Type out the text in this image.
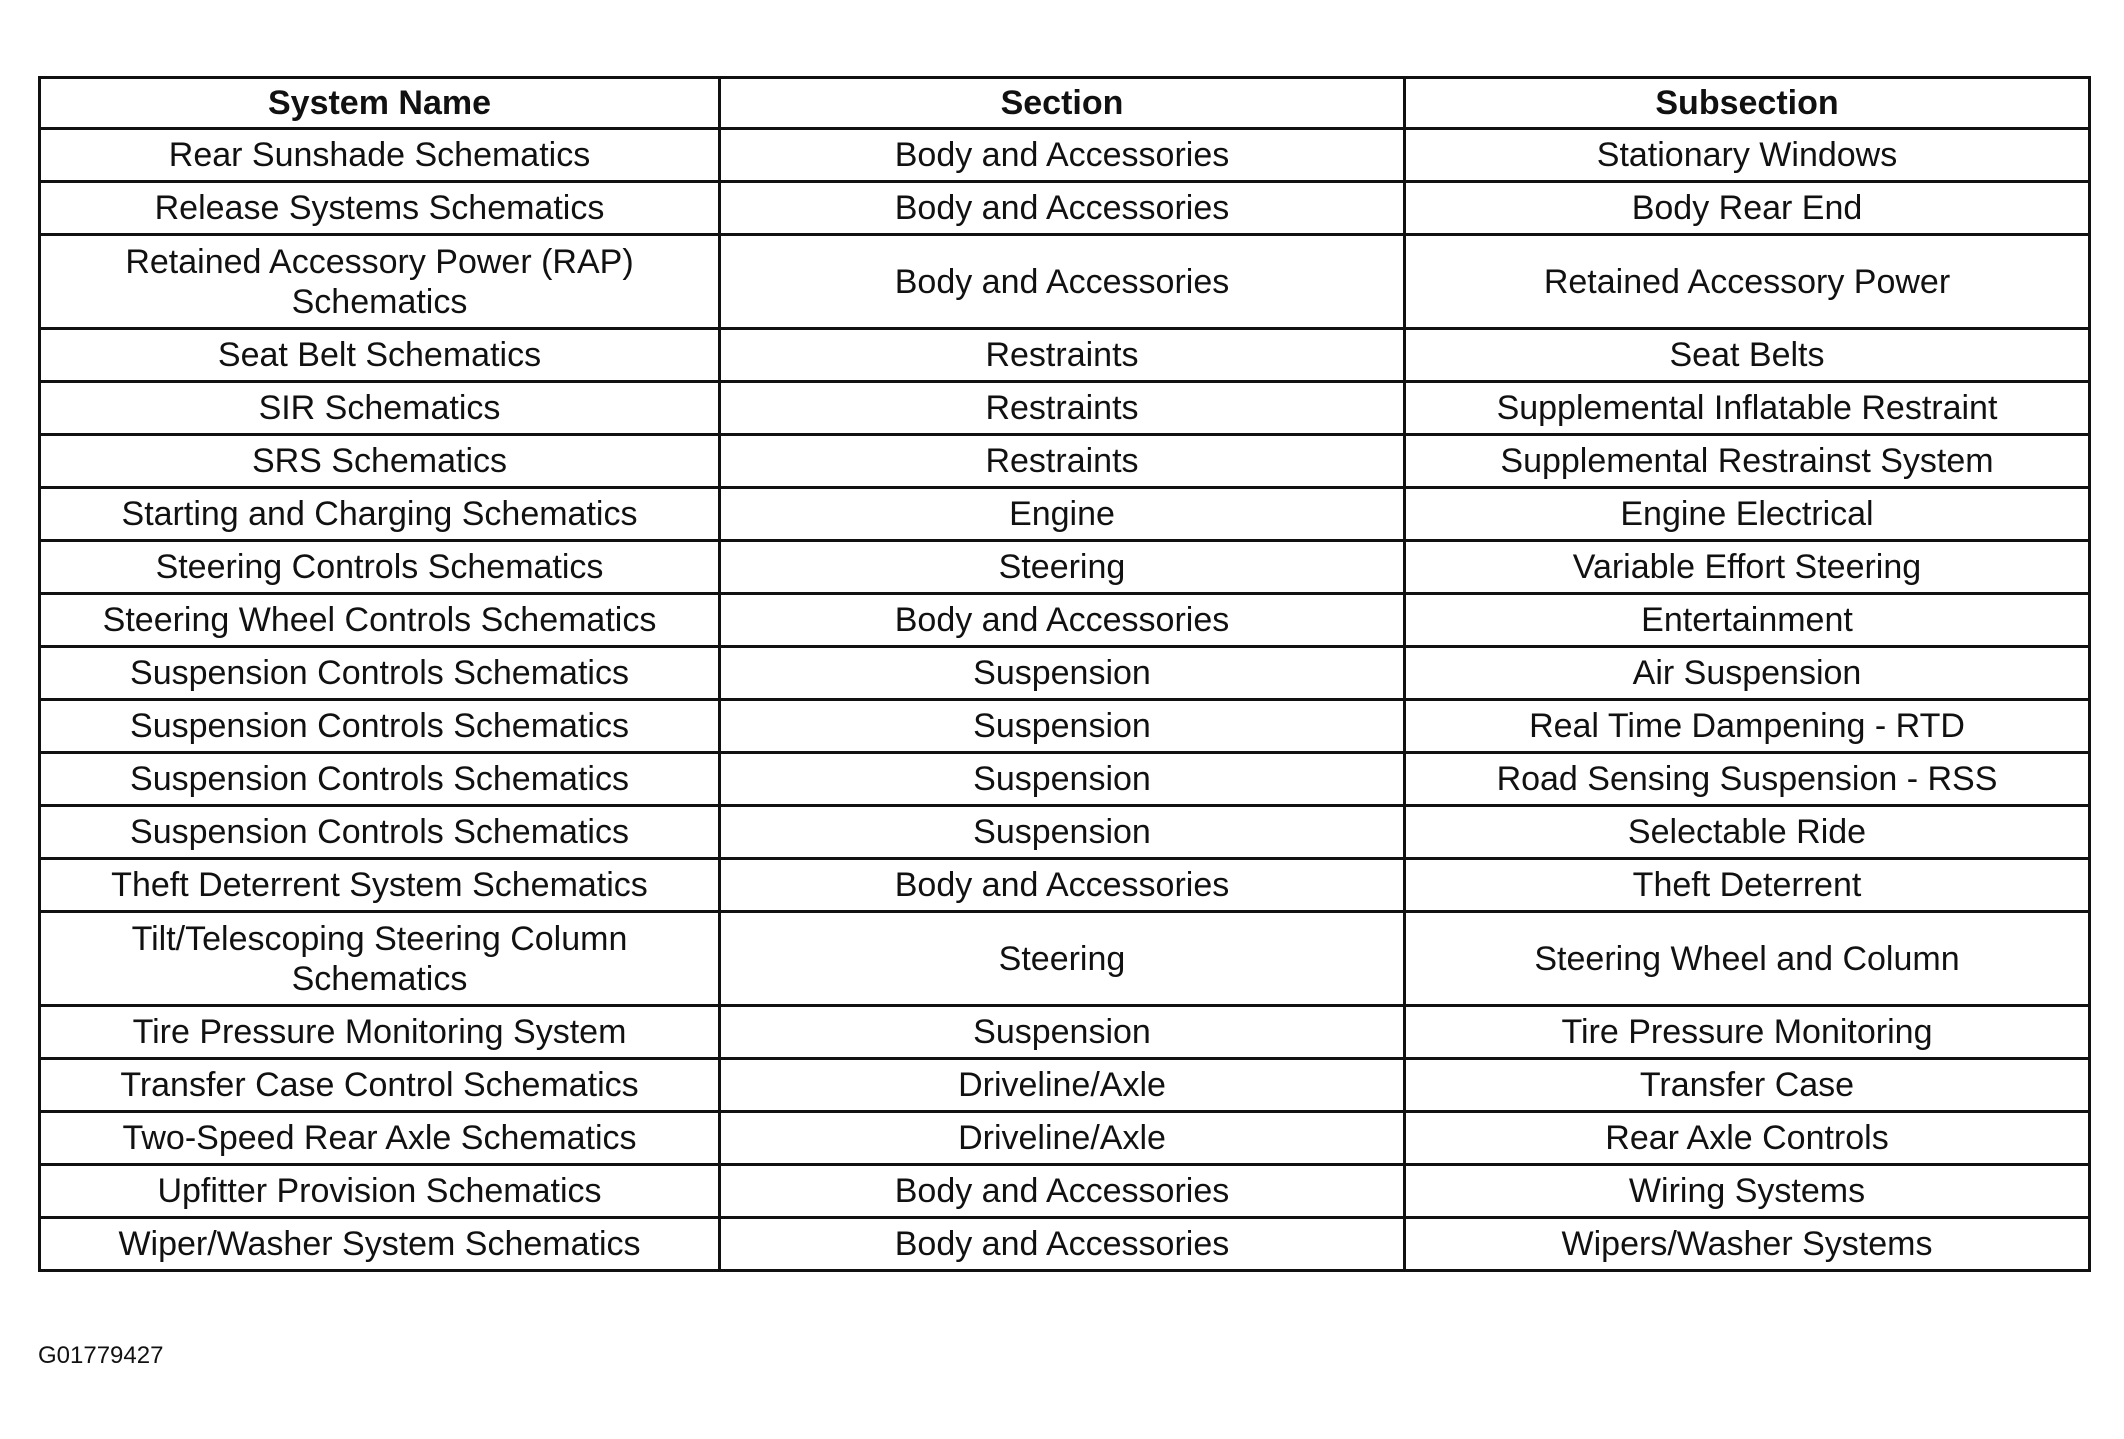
System Name	Section	Subsection
Rear Sunshade Schematics	Body and Accessories	Stationary Windows
Release Systems Schematics	Body and Accessories	Body Rear End
Retained Accessory Power (RAP) Schematics	Body and Accessories	Retained Accessory Power
Seat Belt Schematics	Restraints	Seat Belts
SIR Schematics	Restraints	Supplemental Inflatable Restraint
SRS Schematics	Restraints	Supplemental Restrainst System
Starting and Charging Schematics	Engine	Engine Electrical
Steering Controls Schematics	Steering	Variable Effort Steering
Steering Wheel Controls Schematics	Body and Accessories	Entertainment
Suspension Controls Schematics	Suspension	Air Suspension
Suspension Controls Schematics	Suspension	Real Time Dampening - RTD
Suspension Controls Schematics	Suspension	Road Sensing Suspension - RSS
Suspension Controls Schematics	Suspension	Selectable Ride
Theft Deterrent System Schematics	Body and Accessories	Theft Deterrent
Tilt/Telescoping Steering Column Schematics	Steering	Steering Wheel and Column
Tire Pressure Monitoring System	Suspension	Tire Pressure Monitoring
Transfer Case Control Schematics	Driveline/Axle	Transfer Case
Two-Speed Rear Axle Schematics	Driveline/Axle	Rear Axle Controls
Upfitter Provision Schematics	Body and Accessories	Wiring Systems
Wiper/Washer System Schematics	Body and Accessories	Wipers/Washer Systems
G01779427
